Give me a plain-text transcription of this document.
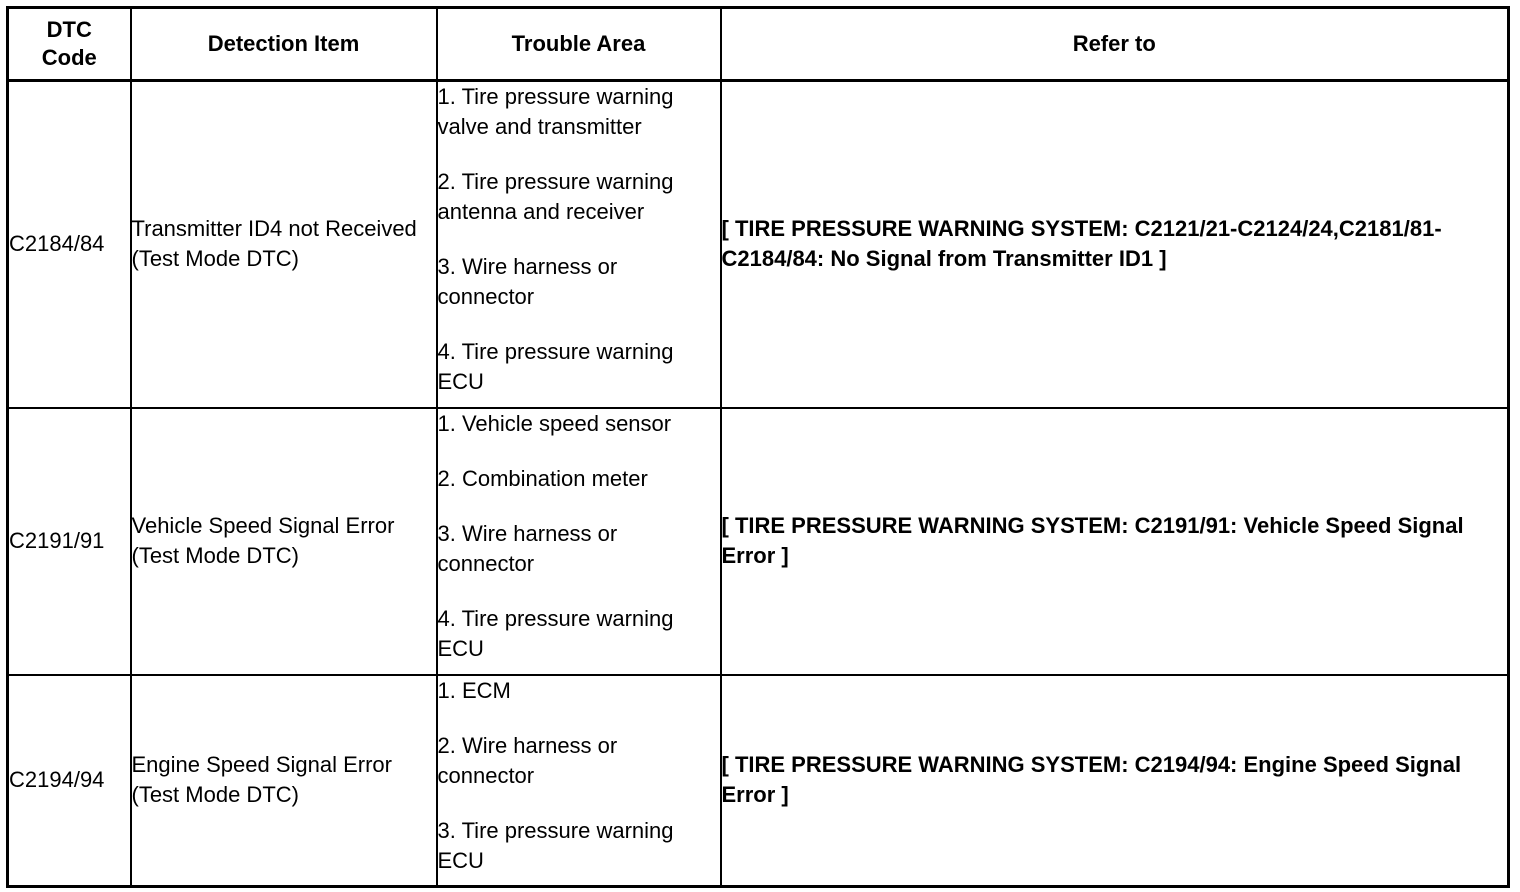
DTC
Code	Detection Item	Trouble Area	Refer to
C2184/84	Transmitter ID4 not Received (Test Mode DTC)	1. Tire pressure warning valve and transmitter
2. Tire pressure warning antenna and receiver
3. Wire harness or connector
4. Tire pressure warning ECU	[ TIRE PRESSURE WARNING SYSTEM: C2121/21-C2124/24,C2181/81-C2184/84: No Signal from Transmitter ID1 ]
C2191/91	Vehicle Speed Signal Error (Test Mode DTC)	1. Vehicle speed sensor
2. Combination meter
3. Wire harness or connector
4. Tire pressure warning ECU	[ TIRE PRESSURE WARNING SYSTEM: C2191/91: Vehicle Speed Signal Error ]
C2194/94	Engine Speed Signal Error (Test Mode DTC)	1. ECM
2. Wire harness or connector
3. Tire pressure warning ECU	[ TIRE PRESSURE WARNING SYSTEM: C2194/94: Engine Speed Signal Error ]
